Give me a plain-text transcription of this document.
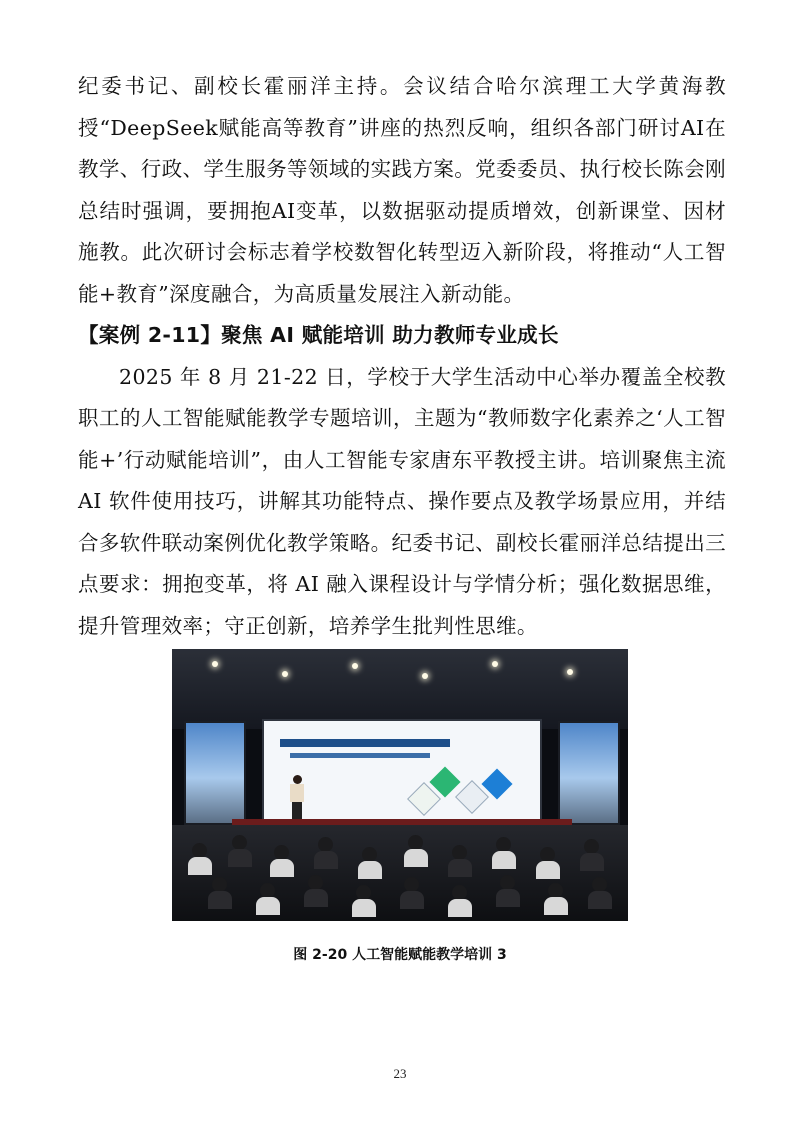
纪委书记、副校长霍丽洋主持。会议结合哈尔滨理工大学黄海教授“DeepSeek赋能高等教育”讲座的热烈反响，组织各部门研讨AI在教学、行政、学生服务等领域的实践方案。党委委员、执行校长陈会刚总结时强调，要拥抱AI变革，以数据驱动提质增效，创新课堂、因材施教。此次研讨会标志着学校数智化转型迈入新阶段，将推动“人工智能+教育”深度融合，为高质量发展注入新动能。

【案例 2-11】聚焦 AI 赋能培训 助力教师专业成长

2025 年 8 月 21-22 日，学校于大学生活动中心举办覆盖全校教职工的人工智能赋能教学专题培训，主题为“教师数字化素养之‘人工智能+’行动赋能培训”，由人工智能专家唐东平教授主讲。培训聚焦主流 AI 软件使用技巧，讲解其功能特点、操作要点及教学场景应用，并结合多软件联动案例优化教学策略。纪委书记、副校长霍丽洋总结提出三点要求：拥抱变革，将 AI 融入课程设计与学情分析；强化数据思维，提升管理效率；守正创新，培养学生批判性思维。

图 2-20 人工智能赋能教学培训 3
23
